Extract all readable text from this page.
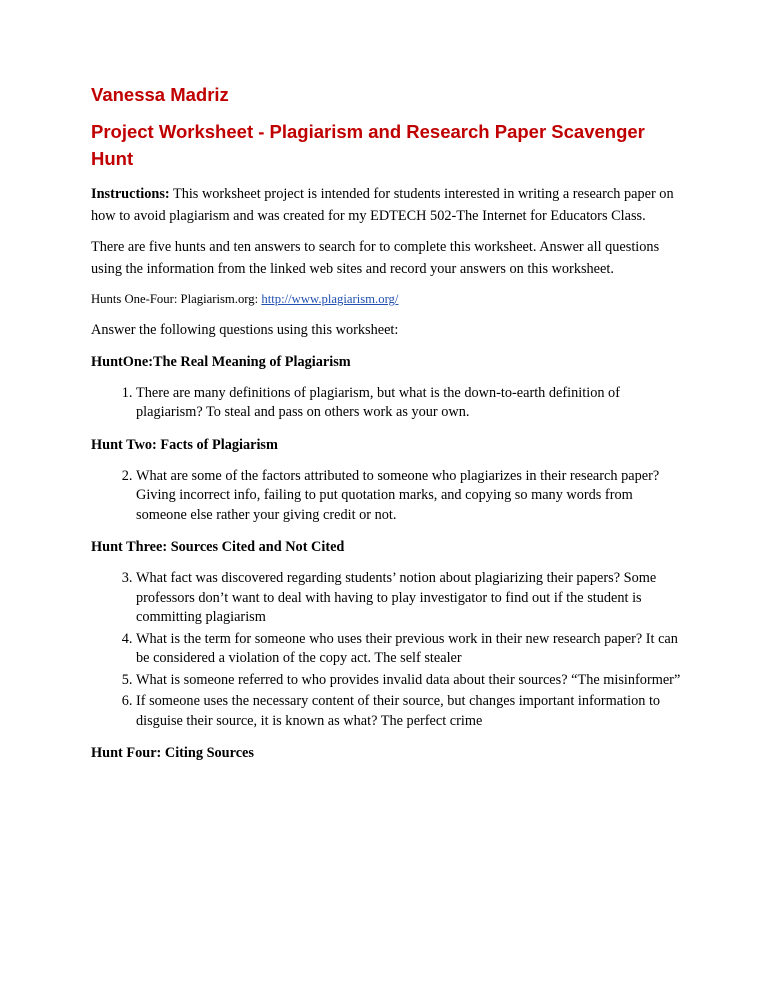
Vanessa Madriz
Project Worksheet - Plagiarism and Research Paper Scavenger Hunt

Instructions: This worksheet project is intended for students interested in writing a research paper on how to avoid plagiarism and was created for my EDTECH 502-The Internet for Educators Class.

There are five hunts and ten answers to search for to complete this worksheet. Answer all questions using the information from the linked web sites and record your answers on this worksheet.

Hunts One-Four: Plagiarism.org: http://www.plagiarism.org/

Answer the following questions using this worksheet:

HuntOne:The Real Meaning of Plagiarism
1. There are many definitions of plagiarism, but what is the down-to-earth definition of plagiarism? To steal and pass on others work as your own.
Hunt Two: Facts of Plagiarism
2. What are some of the factors attributed to someone who plagiarizes in their research paper? Giving incorrect info, failing to put quotation marks, and copying so many words from someone else rather your giving credit or not.
Hunt Three: Sources Cited and Not Cited
3. What fact was discovered regarding students’ notion about plagiarizing their papers? Some professors don’t want to deal with having to play investigator to find out if the student is committing plagiarism
4. What is the term for someone who uses their previous work in their new research paper? It can be considered a violation of the copy act. The self stealer
5. What is someone referred to who provides invalid data about their sources? “The misinformer”
6. If someone uses the necessary content of their source, but changes important information to disguise their source, it is known as what? The perfect crime
Hunt Four: Citing Sources
